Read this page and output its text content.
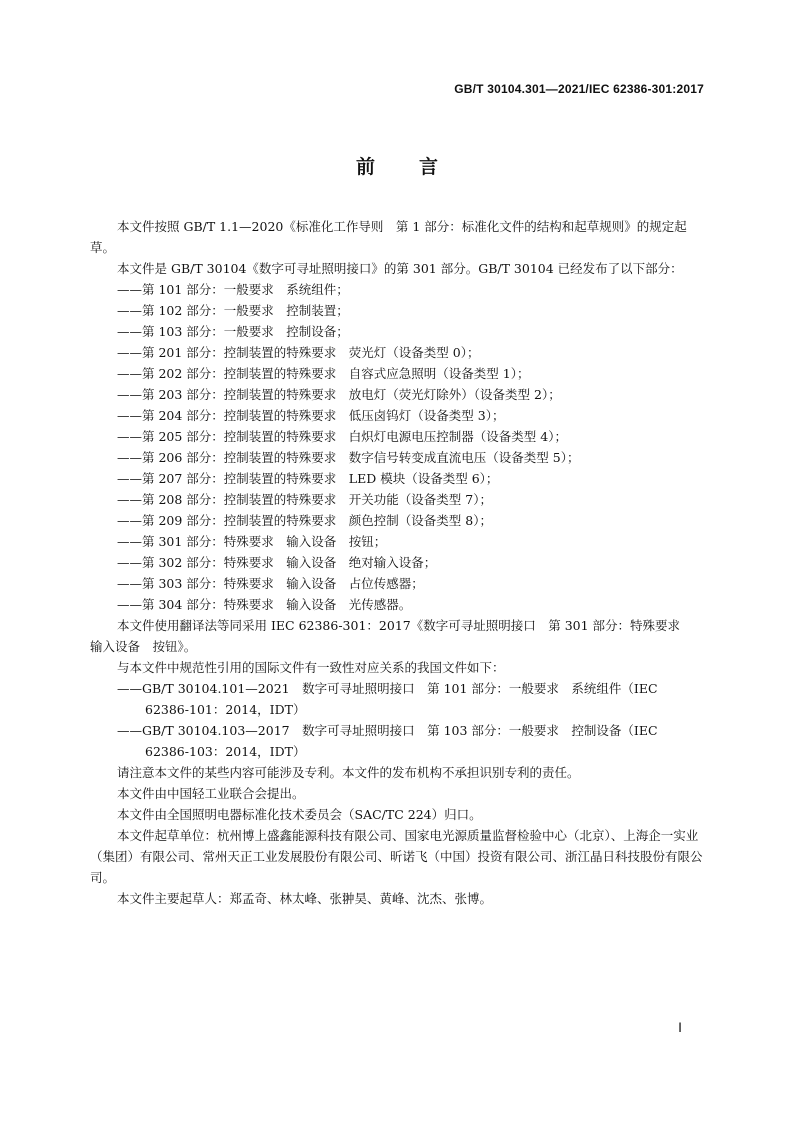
GB/T 30104.301—2021/IEC 62386-301:2017
前言

本文件按照 GB/T 1.1—2020《标准化工作导则　第 1 部分：标准化文件的结构和起草规则》的规定起草。

本文件是 GB/T 30104《数字可寻址照明接口》的第 301 部分。GB/T 30104 已经发布了以下部分：

——第 101 部分：一般要求　系统组件；

——第 102 部分：一般要求　控制装置；

——第 103 部分：一般要求　控制设备；

——第 201 部分：控制装置的特殊要求　荧光灯（设备类型 0）；

——第 202 部分：控制装置的特殊要求　自容式应急照明（设备类型 1）；

——第 203 部分：控制装置的特殊要求　放电灯（荧光灯除外）（设备类型 2）；

——第 204 部分：控制装置的特殊要求　低压卤钨灯（设备类型 3）；

——第 205 部分：控制装置的特殊要求　白炽灯电源电压控制器（设备类型 4）；

——第 206 部分：控制装置的特殊要求　数字信号转变成直流电压（设备类型 5）；

——第 207 部分：控制装置的特殊要求　LED 模块（设备类型 6）；

——第 208 部分：控制装置的特殊要求　开关功能（设备类型 7）；

——第 209 部分：控制装置的特殊要求　颜色控制（设备类型 8）；

——第 301 部分：特殊要求　输入设备　按钮；

——第 302 部分：特殊要求　输入设备　绝对输入设备；

——第 303 部分：特殊要求　输入设备　占位传感器；

——第 304 部分：特殊要求　输入设备　光传感器。

本文件使用翻译法等同采用 IEC 62386-301：2017《数字可寻址照明接口　第 301 部分：特殊要求　输入设备　按钮》。

与本文件中规范性引用的国际文件有一致性对应关系的我国文件如下：

——GB/T 30104.101—2021　数字可寻址照明接口　第 101 部分：一般要求　系统组件（IEC 62386-101：2014，IDT）

——GB/T 30104.103—2017　数字可寻址照明接口　第 103 部分：一般要求　控制设备（IEC 62386-103：2014，IDT）

请注意本文件的某些内容可能涉及专利。本文件的发布机构不承担识别专利的责任。

本文件由中国轻工业联合会提出。

本文件由全国照明电器标准化技术委员会（SAC/TC 224）归口。

本文件起草单位：杭州博上盛鑫能源科技有限公司、国家电光源质量监督检验中心（北京）、上海企一实业（集团）有限公司、常州天正工业发展股份有限公司、昕诺飞（中国）投资有限公司、浙江晶日科技股份有限公司。

本文件主要起草人：郑孟奇、林太峰、张翀昊、黄峰、沈杰、张博。

Ⅰ
